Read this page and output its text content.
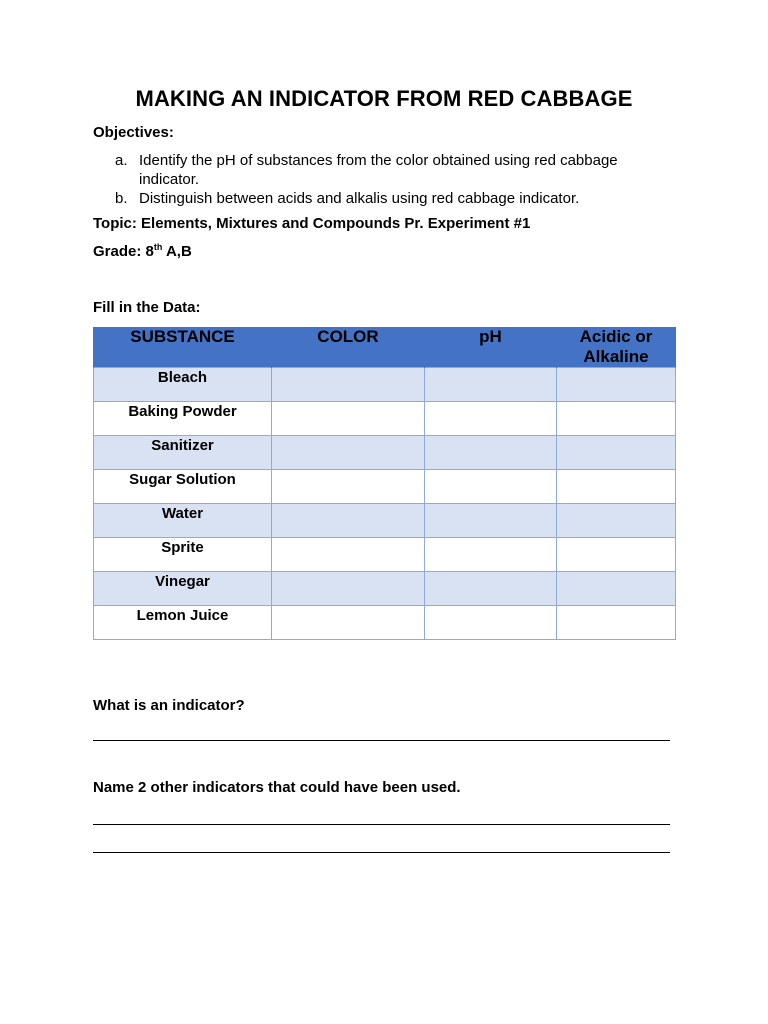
MAKING AN INDICATOR FROM RED CABBAGE
Objectives:
a. Identify the pH of substances from the color obtained using red cabbage indicator.
b. Distinguish between acids and alkalis using red cabbage indicator.
Topic: Elements, Mixtures and Compounds Pr. Experiment #1
Grade: 8th A,B
Fill in the Data:
SUBSTANCE	COLOR	pH	Acidic or Alkaline

Bleach			

Baking Powder			

Sanitizer			

Sugar Solution			

Water			

Sprite			

Vinegar			

Lemon Juice			

What is an indicator?
Name 2 other indicators that could have been used.
